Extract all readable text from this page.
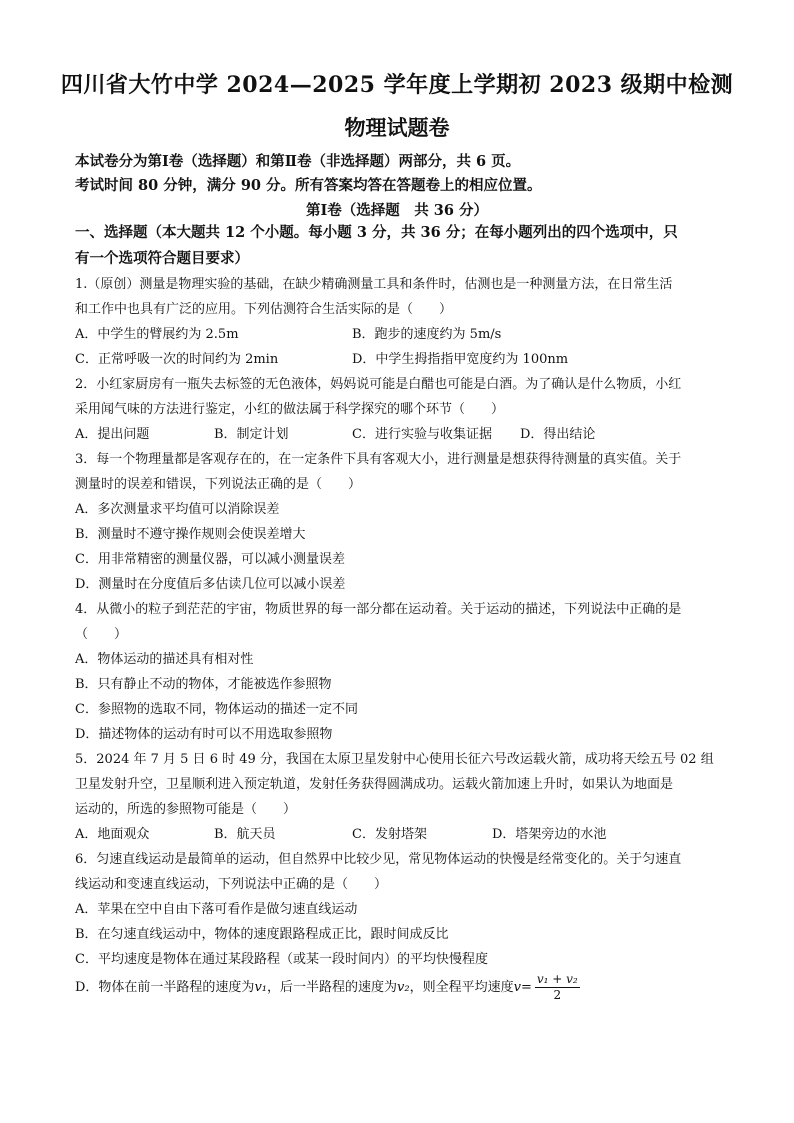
四川省大竹中学 2024—2025 学年度上学期初 2023 级期中检测
物理试题卷
本试卷分为第Ⅰ卷（选择题）和第Ⅱ卷（非选择题）两部分，共 6 页。
考试时间 80 分钟，满分 90 分。所有答案均答在答题卷上的相应位置。
第Ⅰ卷（选择题　共 36 分）
一、选择题（本大题共 12 个小题。每小题 3 分，共 36 分；在每小题列出的四个选项中，只
有一个选项符合题目要求）
1.（原创）测量是物理实验的基础，在缺少精确测量工具和条件时，估测也是一种测量方法，在日常生活
和工作中也具有广泛的应用。下列估测符合生活实际的是（　　）
A．中学生的臂展约为 2.5m	B．跑步的速度约为 5m/s
C．正常呼吸一次的时间约为 2min	D．中学生拇指指甲宽度约为 100nm
2．小红家厨房有一瓶失去标签的无色液体，妈妈说可能是白醋也可能是白酒。为了确认是什么物质，小红
采用闻气味的方法进行鉴定，小红的做法属于科学探究的哪个环节（　　）
A．提出问题	B．制定计划	C．进行实验与收集证据 D．得出结论
3．每一个物理量都是客观存在的，在一定条件下具有客观大小，进行测量是想获得待测量的真实值。关于
测量时的误差和错误，下列说法正确的是（　　）
A．多次测量求平均值可以消除误差
B．测量时不遵守操作规则会使误差增大
C．用非常精密的测量仪器，可以减小测量误差
D．测量时在分度值后多估读几位可以减小误差
4．从微小的粒子到茫茫的宇宙，物质世界的每一部分都在运动着。关于运动的描述，下列说法中正确的是
（　　）
A．物体运动的描述具有相对性
B．只有静止不动的物体，才能被选作参照物
C．参照物的选取不同，物体运动的描述一定不同
D．描述物体的运动有时可以不用选取参照物
5．2024 年 7 月 5 日 6 时 49 分，我国在太原卫星发射中心使用长征六号改运载火箭，成功将天绘五号 02 组
卫星发射升空，卫星顺利进入预定轨道，发射任务获得圆满成功。运载火箭加速上升时，如果认为地面是
运动的，所选的参照物可能是（　　）
A．地面观众	B．航天员	C．发射塔架	D．塔架旁边的水池
6．匀速直线运动是最简单的运动，但自然界中比较少见，常见物体运动的快慢是经常变化的。关于匀速直
线运动和变速直线运动，下列说法中正确的是（　　）
A．苹果在空中自由下落可看作是做匀速直线运动
B．在匀速直线运动中，物体的速度跟路程成正比，跟时间成反比
C．平均速度是物体在通过某段路程（或某一段时间内）的平均快慢程度
D．物体在前一半路程的速度为v₁，后一半路程的速度为v₂，则全程平均速度$v= \frac{\text{v₁ + v₂}}{2}$
